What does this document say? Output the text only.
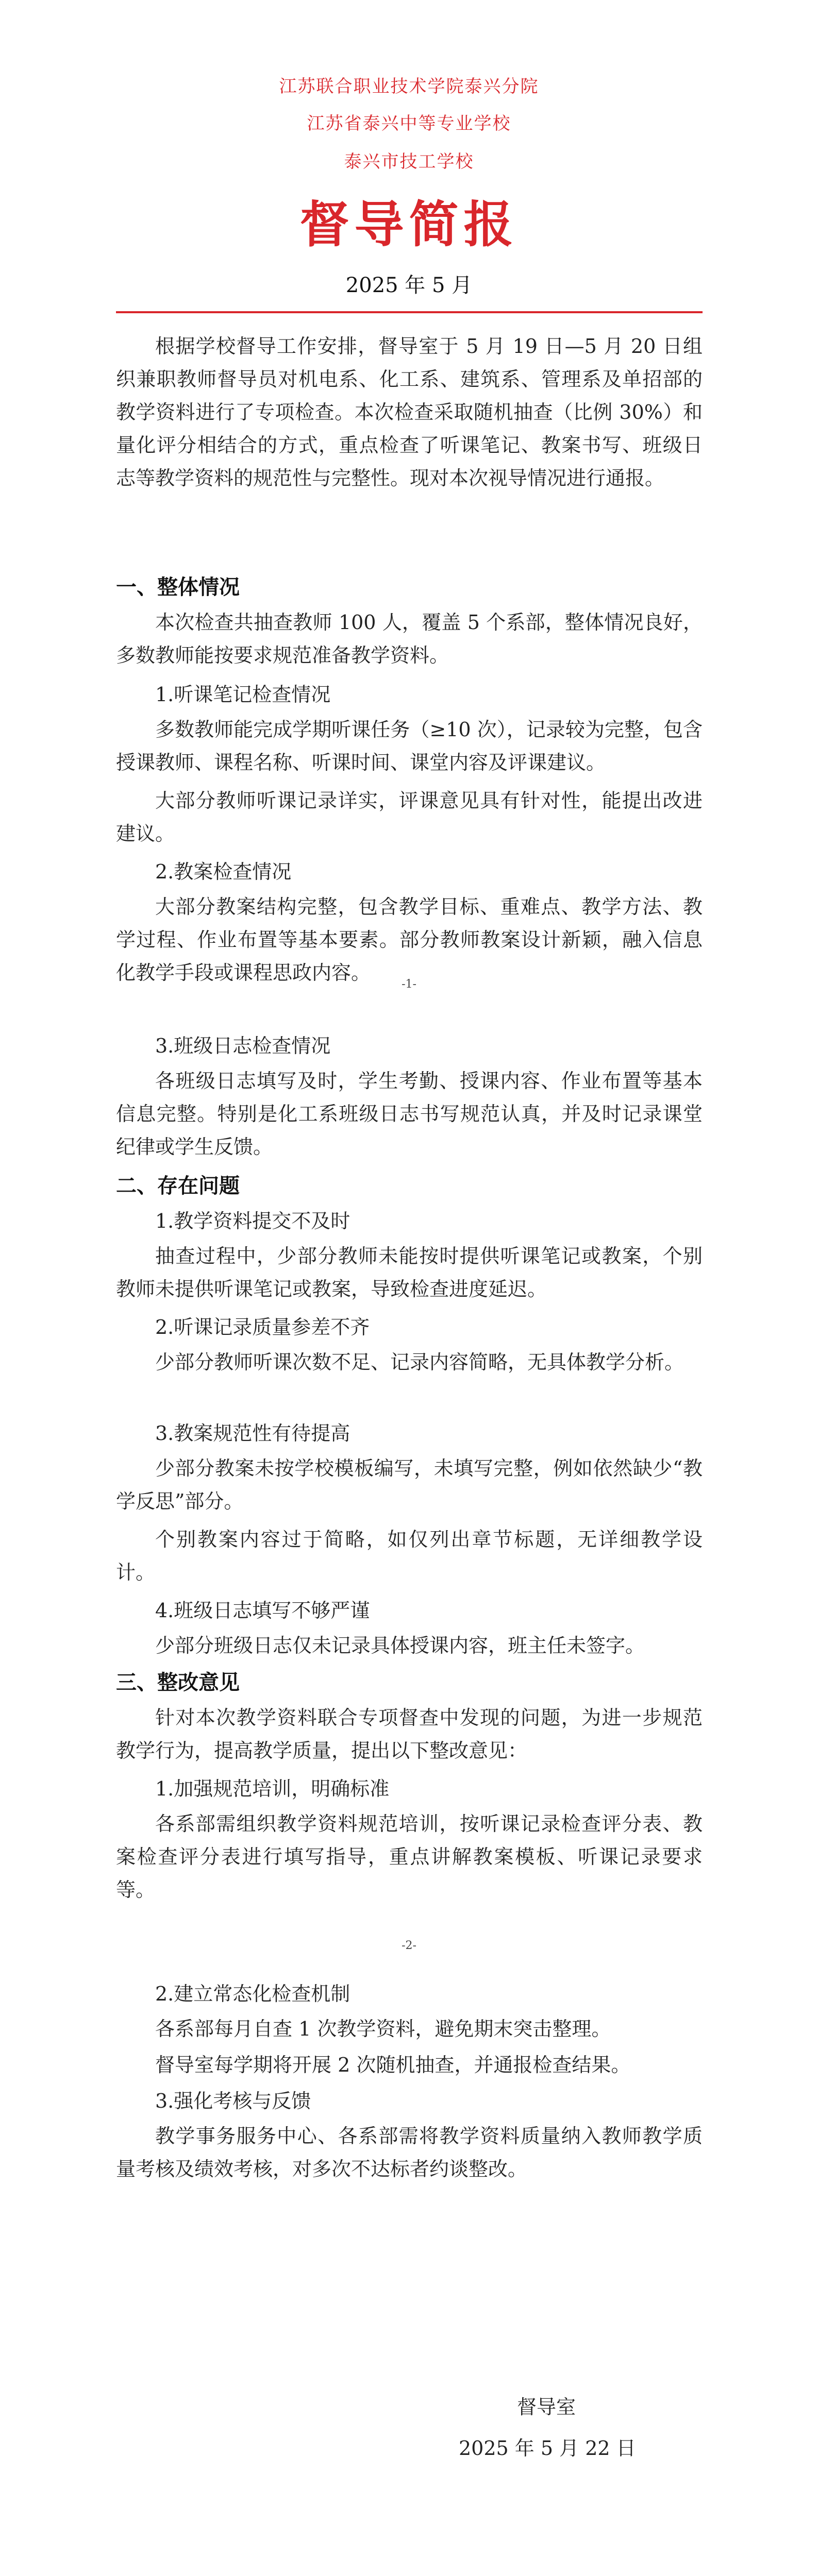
江苏联合职业技术学院泰兴分院
江苏省泰兴中等专业学校
泰兴市技工学校
督导简报
2025 年 5 月
根据学校督导工作安排，督导室于 5 月 19 日—5 月 20 日组织兼职教师督导员对机电系、化工系、建筑系、管理系及单招部的教学资料进行了专项检查。本次检查采取随机抽查（比例 30%）和量化评分相结合的方式，重点检查了听课笔记、教案书写、班级日志等教学资料的规范性与完整性。现对本次视导情况进行通报。
一、整体情况
本次检查共抽查教师 100 人，覆盖 5 个系部，整体情况良好，多数教师能按要求规范准备教学资料。
1.听课笔记检查情况
多数教师能完成学期听课任务（≥10 次），记录较为完整，包含授课教师、课程名称、听课时间、课堂内容及评课建议。
大部分教师听课记录详实，评课意见具有针对性，能提出改进建议。
2.教案检查情况
大部分教案结构完整，包含教学目标、重难点、教学方法、教学过程、作业布置等基本要素。部分教师教案设计新颖，融入信息化教学手段或课程思政内容。
-1-
3.班级日志检查情况
各班级日志填写及时，学生考勤、授课内容、作业布置等基本信息完整。特别是化工系班级日志书写规范认真，并及时记录课堂纪律或学生反馈。
二、存在问题
1.教学资料提交不及时
抽查过程中，少部分教师未能按时提供听课笔记或教案，个别教师未提供听课笔记或教案，导致检查进度延迟。
2.听课记录质量参差不齐
少部分教师听课次数不足、记录内容简略，无具体教学分析。
3.教案规范性有待提高
少部分教案未按学校模板编写，未填写完整，例如依然缺少“教学反思”部分。
个别教案内容过于简略，如仅列出章节标题，无详细教学设计。
4.班级日志填写不够严谨
少部分班级日志仅未记录具体授课内容，班主任未签字。
三、整改意见
针对本次教学资料联合专项督查中发现的问题，为进一步规范教学行为，提高教学质量，提出以下整改意见：
1.加强规范培训，明确标准
各系部需组织教学资料规范培训，按听课记录检查评分表、教案检查评分表进行填写指导，重点讲解教案模板、听课记录要求等。
-2-
2.建立常态化检查机制
各系部每月自查 1 次教学资料，避免期末突击整理。
督导室每学期将开展 2 次随机抽查，并通报检查结果。
3.强化考核与反馈
教学事务服务中心、各系部需将教学资料质量纳入教师教学质量考核及绩效考核，对多次不达标者约谈整改。
督导室
2025 年 5 月 22 日
